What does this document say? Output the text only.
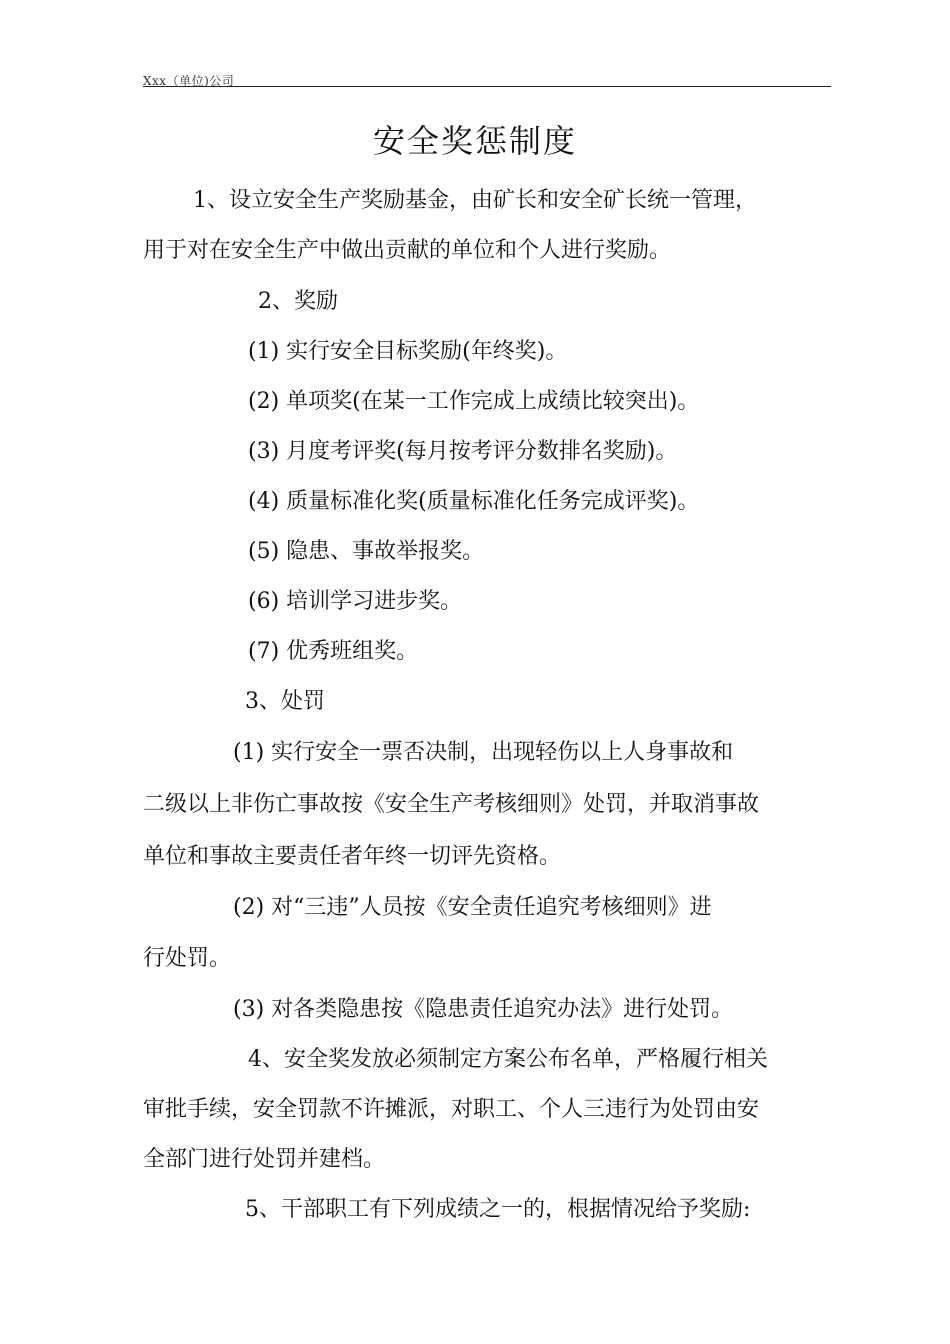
Xxx（单位)公司
安全奖惩制度
1、设立安全生产奖励基金，由矿长和安全矿长统一管理，
用于对在安全生产中做出贡献的单位和个人进行奖励。
2、奖励
(1) 实行安全目标奖励(年终奖)。
(2) 单项奖(在某一工作完成上成绩比较突出)。
(3) 月度考评奖(每月按考评分数排名奖励)。
(4) 质量标准化奖(质量标准化任务完成评奖)。
(5) 隐患、事故举报奖。
(6) 培训学习进步奖。
(7) 优秀班组奖。
3、处罚
(1) 实行安全一票否决制，出现轻伤以上人身事故和
二级以上非伤亡事故按《安全生产考核细则》处罚，并取消事故
单位和事故主要责任者年终一切评先资格。
(2) 对“三违”人员按《安全责任追究考核细则》进
行处罚。
(3) 对各类隐患按《隐患责任追究办法》进行处罚。
4、安全奖发放必须制定方案公布名单，严格履行相关
审批手续，安全罚款不许摊派，对职工、个人三违行为处罚由安
全部门进行处罚并建档。
5、干部职工有下列成绩之一的，根据情况给予奖励:
